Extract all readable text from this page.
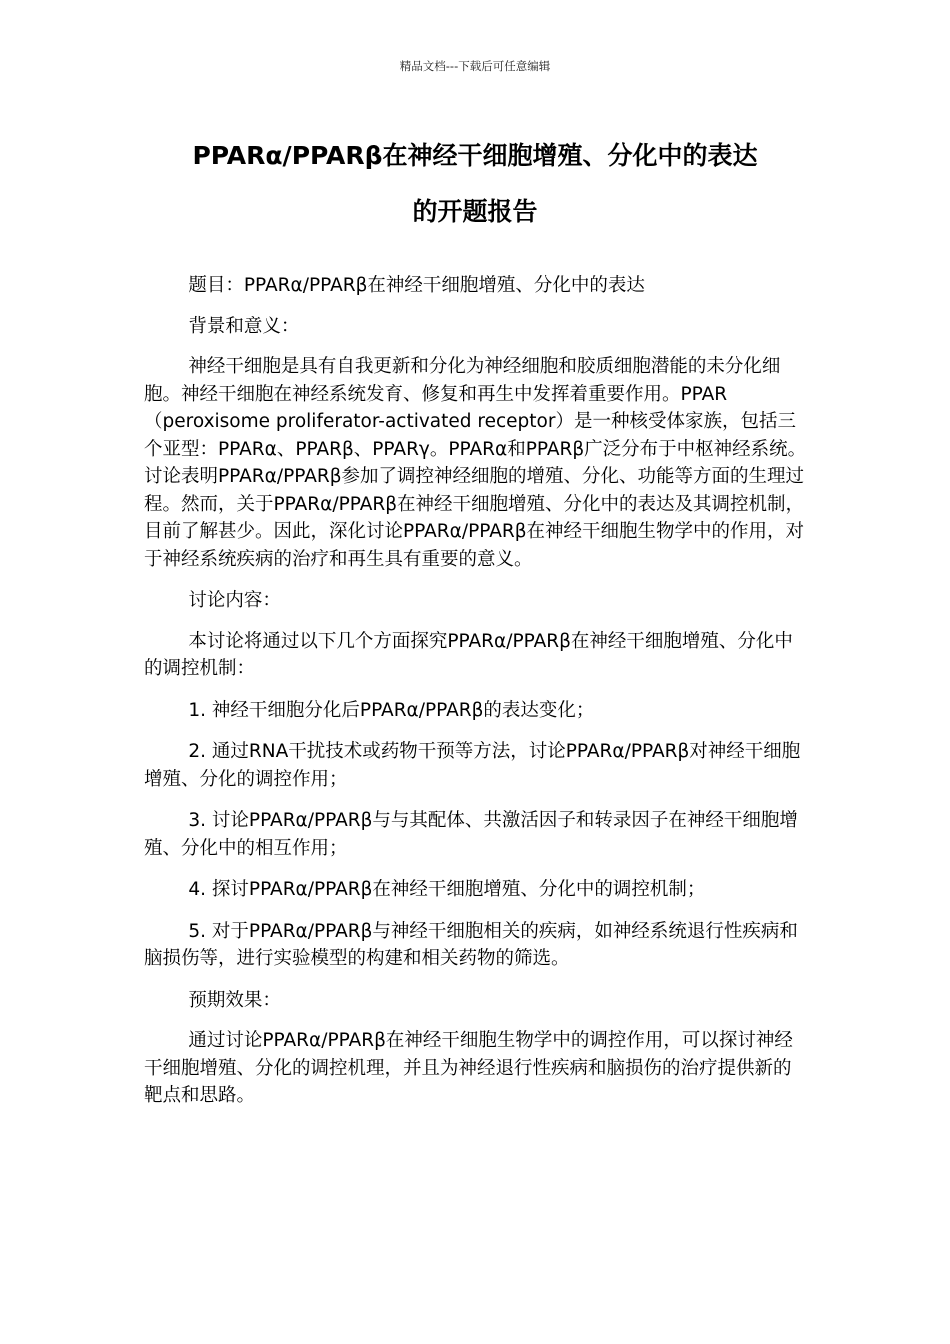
精品文档---下载后可任意编辑
PPARα/PPARβ在神经干细胞增殖、分化中的表达
的开题报告

题目：PPARα/PPARβ在神经干细胞增殖、分化中的表达

背景和意义：

神经干细胞是具有自我更新和分化为神经细胞和胶质细胞潜能的未分化细胞。神经干细胞在神经系统发育、修复和再生中发挥着重要作用。PPAR（peroxisome proliferator-activated receptor）是一种核受体家族，包括三个亚型：PPARα、PPARβ、PPARγ。PPARα和PPARβ广泛分布于中枢神经系统。讨论表明PPARα/PPARβ参加了调控神经细胞的增殖、分化、功能等方面的生理过程。然而，关于PPARα/PPARβ在神经干细胞增殖、分化中的表达及其调控机制，目前了解甚少。因此，深化讨论PPARα/PPARβ在神经干细胞生物学中的作用，对于神经系统疾病的治疗和再生具有重要的意义。

讨论内容：

本讨论将通过以下几个方面探究PPARα/PPARβ在神经干细胞增殖、分化中的调控机制：

1. 神经干细胞分化后PPARα/PPARβ的表达变化；

2. 通过RNA干扰技术或药物干预等方法，讨论PPARα/PPARβ对神经干细胞增殖、分化的调控作用；

3. 讨论PPARα/PPARβ与与其配体、共激活因子和转录因子在神经干细胞增殖、分化中的相互作用；

4. 探讨PPARα/PPARβ在神经干细胞增殖、分化中的调控机制；

5. 对于PPARα/PPARβ与神经干细胞相关的疾病，如神经系统退行性疾病和脑损伤等，进行实验模型的构建和相关药物的筛选。

预期效果：

通过讨论PPARα/PPARβ在神经干细胞生物学中的调控作用，可以探讨神经干细胞增殖、分化的调控机理，并且为神经退行性疾病和脑损伤的治疗提供新的靶点和思路。
